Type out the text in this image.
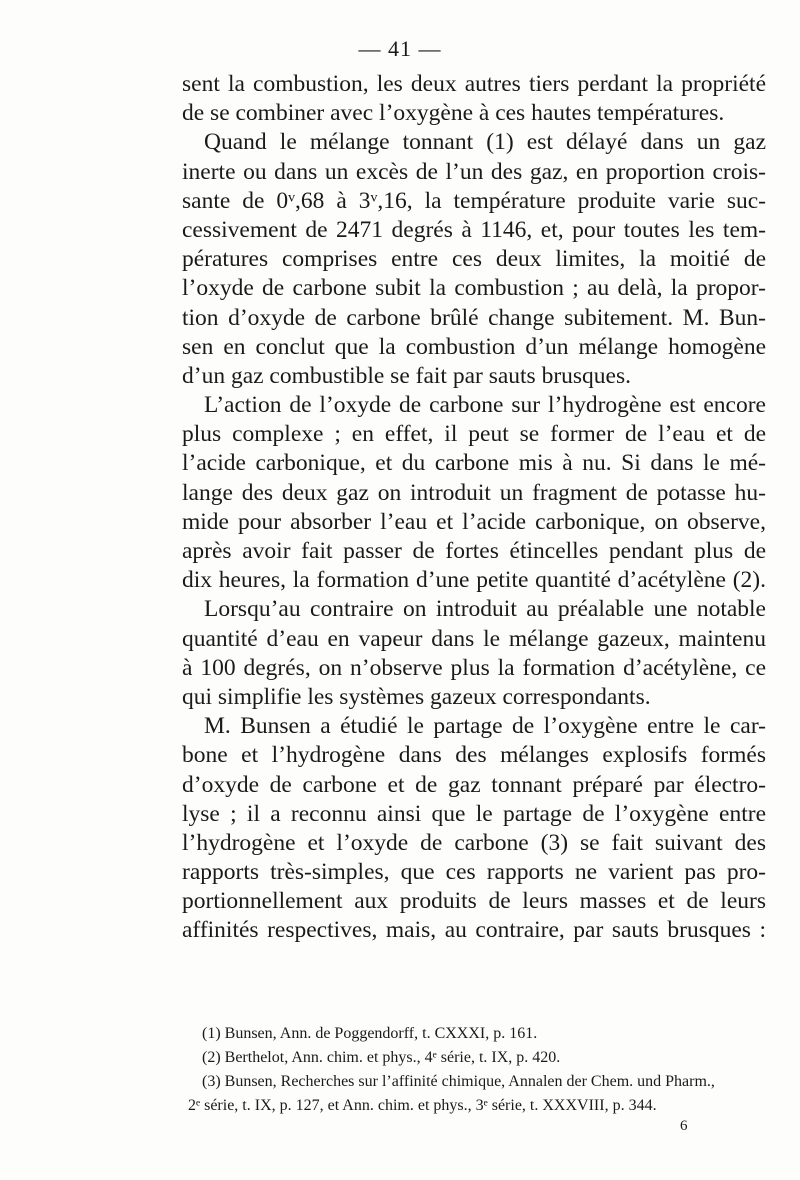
— 41 —
sent la combustion, les deux autres tiers perdant la propriété
de se combiner avec l’oxygène à ces hautes températures.
Quand le mélange tonnant (1) est délayé dans un gaz
inerte ou dans un excès de l’un des gaz, en proportion crois-
sante de 0ᵛ,68 à 3ᵛ,16, la température produite varie suc-
cessivement de 2471 degrés à 1146, et, pour toutes les tem-
pératures comprises entre ces deux limites, la moitié de
l’oxyde de carbone subit la combustion ; au delà, la propor-
tion d’oxyde de carbone brûlé change subitement. M. Bun-
sen en conclut que la combustion d’un mélange homogène
d’un gaz combustible se fait par sauts brusques.
L’action de l’oxyde de carbone sur l’hydrogène est encore
plus complexe ; en effet, il peut se former de l’eau et de
l’acide carbonique, et du carbone mis à nu. Si dans le mé-
lange des deux gaz on introduit un fragment de potasse hu-
mide pour absorber l’eau et l’acide carbonique, on observe,
après avoir fait passer de fortes étincelles pendant plus de
dix heures, la formation d’une petite quantité d’acétylène (2).
Lorsqu’au contraire on introduit au préalable une notable
quantité d’eau en vapeur dans le mélange gazeux, maintenu
à 100 degrés, on n’observe plus la formation d’acétylène, ce
qui simplifie les systèmes gazeux correspondants.
M. Bunsen a étudié le partage de l’oxygène entre le car-
bone et l’hydrogène dans des mélanges explosifs formés
d’oxyde de carbone et de gaz tonnant préparé par électro-
lyse ; il a reconnu ainsi que le partage de l’oxygène entre
l’hydrogène et l’oxyde de carbone (3) se fait suivant des
rapports très-simples, que ces rapports ne varient pas pro-
portionnellement aux produits de leurs masses et de leurs
affinités respectives, mais, au contraire, par sauts brusques :
(1) Bunsen, Ann. de Poggendorff, t. CXXXI, p. 161.
(2) Berthelot, Ann. chim. et phys., 4ᵉ série, t. IX, p. 420.
(3) Bunsen, Recherches sur l’affinité chimique, Annalen der Chem. und Pharm.,
2ᵉ série, t. IX, p. 127, et Ann. chim. et phys., 3ᵉ série, t. XXXVIII, p. 344.
6
